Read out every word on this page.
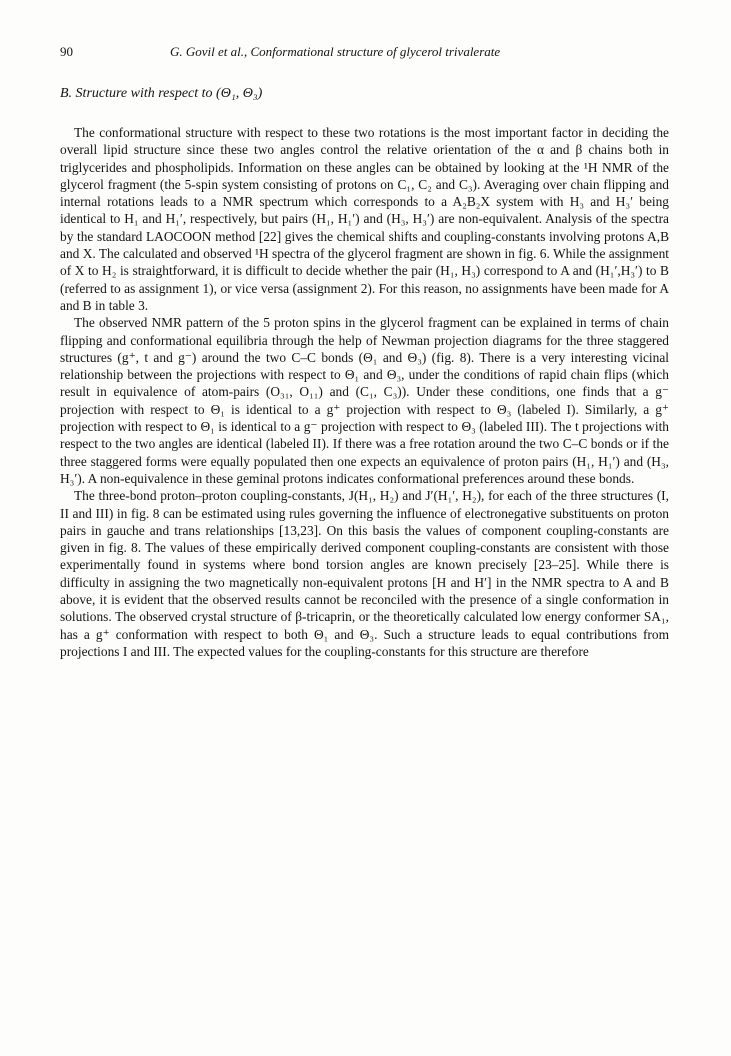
90	G. Govil et al., Conformational structure of glycerol trivalerate
B. Structure with respect to (Θ₁, Θ₃)

The conformational structure with respect to these two rotations is the most important factor in deciding the overall lipid structure since these two angles control the relative orientation of the α and β chains both in triglycerides and phospholipids. Information on these angles can be obtained by looking at the ¹H NMR of the glycerol fragment (the 5-spin system consisting of protons on C₁, C₂ and C₃). Averaging over chain flipping and internal rotations leads to a NMR spectrum which corresponds to a A₂B₂X system with H₃ and H₃′ being identical to H₁ and H₁′, respectively, but pairs (H₁, H₁′) and (H₃, H₃′) are non-equivalent. Analysis of the spectra by the standard LAOCOON method [22] gives the chemical shifts and coupling-constants involving protons A,B and X. The calculated and observed ¹H spectra of the glycerol fragment are shown in fig. 6. While the assignment of X to H₂ is straightforward, it is difficult to decide whether the pair (H₁, H₃) correspond to A and (H₁′,H₃′) to B (referred to as assignment 1), or vice versa (assignment 2). For this reason, no assignments have been made for A and B in table 3.

The observed NMR pattern of the 5 proton spins in the glycerol fragment can be explained in terms of chain flipping and conformational equilibria through the help of Newman projection diagrams for the three staggered structures (g⁺, t and g⁻) around the two C–C bonds (Θ₁ and Θ₃) (fig. 8). There is a very interesting vicinal relationship between the projections with respect to Θ₁ and Θ₃, under the conditions of rapid chain flips (which result in equivalence of atom-pairs (O₃₁, O₁₁) and (C₁, C₃)). Under these conditions, one finds that a g⁻ projection with respect to Θ₁ is identical to a g⁺ projection with respect to Θ₃ (labeled I). Similarly, a g⁺ projection with respect to Θ₁ is identical to a g⁻ projection with respect to Θ₃ (labeled III). The t projections with respect to the two angles are identical (labeled II). If there was a free rotation around the two C–C bonds or if the three staggered forms were equally populated then one expects an equivalence of proton pairs (H₁, H₁′) and (H₃, H₃′). A non-equivalence in these geminal protons indicates conformational preferences around these bonds.

The three-bond proton–proton coupling-constants, J(H₁, H₂) and J′(H₁′, H₂), for each of the three structures (I, II and III) in fig. 8 can be estimated using rules governing the influence of electronegative substituents on proton pairs in gauche and trans relationships [13,23]. On this basis the values of component coupling-constants are given in fig. 8. The values of these empirically derived component coupling-constants are consistent with those experimentally found in systems where bond torsion angles are known precisely [23–25]. While there is difficulty in assigning the two magnetically non-equivalent protons [H and H′] in the NMR spectra to A and B above, it is evident that the observed results cannot be reconciled with the presence of a single conformation in solutions. The observed crystal structure of β-tricaprin, or the theoretically calculated low energy conformer SA₁, has a g⁺ conformation with respect to both Θ₁ and Θ₃. Such a structure leads to equal contributions from projections I and III. The expected values for the coupling-constants for this structure are therefore
